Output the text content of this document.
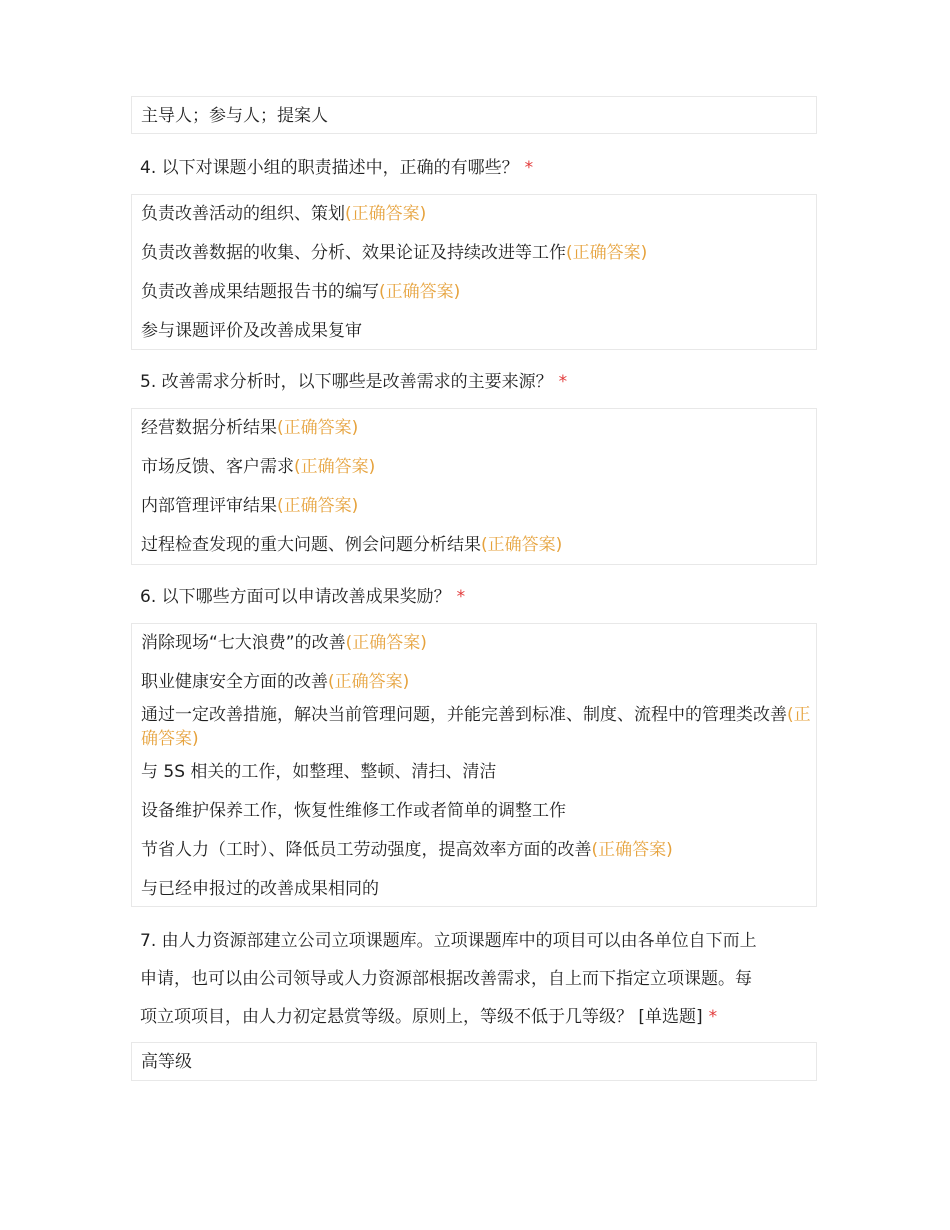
主导人；参与人；提案人
4. 以下对课题小组的职责描述中，正确的有哪些？ *
负责改善活动的组织、策划(正确答案)
负责改善数据的收集、分析、效果论证及持续改进等工作(正确答案)
负责改善成果结题报告书的编写(正确答案)
参与课题评价及改善成果复审
5. 改善需求分析时，以下哪些是改善需求的主要来源？ *
经营数据分析结果(正确答案)
市场反馈、客户需求(正确答案)
内部管理评审结果(正确答案)
过程检查发现的重大问题、例会问题分析结果(正确答案)
6. 以下哪些方面可以申请改善成果奖励？ *
消除现场“七大浪费”的改善(正确答案)
职业健康安全方面的改善(正确答案)
通过一定改善措施，解决当前管理问题，并能完善到标准、制度、流程中的管理类改善(正确答案)
与 5S 相关的工作，如整理、整顿、清扫、清洁
设备维护保养工作，恢复性维修工作或者简单的调整工作
节省人力（工时）、降低员工劳动强度，提高效率方面的改善(正确答案)
与已经申报过的改善成果相同的
7. 由人力资源部建立公司立项课题库。立项课题库中的项目可以由各单位自下而上
申请，也可以由公司领导或人力资源部根据改善需求，自上而下指定立项课题。每
项立项项目，由人力初定悬赏等级。原则上，等级不低于几等级？ [单选题] *
高等级
